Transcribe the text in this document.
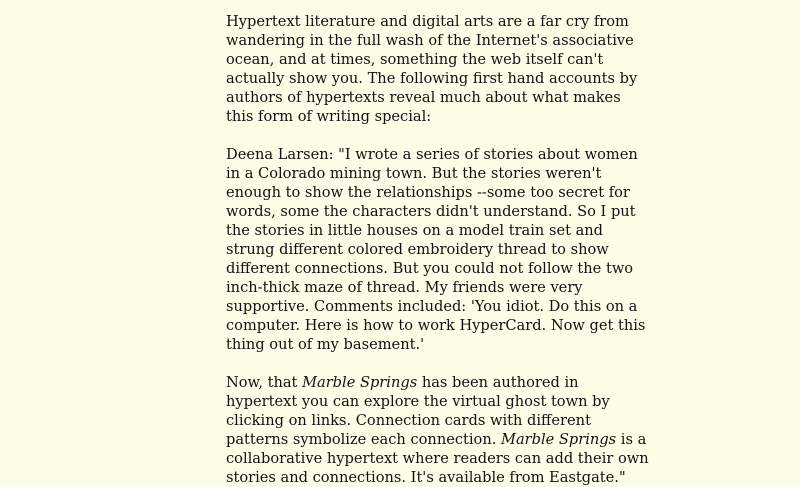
Hypertext literature and digital arts are a far cry from
wandering in the full wash of the Internet's associative
ocean, and at times, something the web itself can't
actually show you. The following first hand accounts by
authors of hypertexts reveal much about what makes
this form of writing special:

Deena Larsen: "I wrote a series of stories about women
in a Colorado mining town. But the stories weren't
enough to show the relationships --some too secret for
words, some the characters didn't understand. So I put
the stories in little houses on a model train set and
strung different colored embroidery thread to show
different connections. But you could not follow the two
inch-thick maze of thread. My friends were very
supportive. Comments included: 'You idiot. Do this on a
computer. Here is how to work HyperCard. Now get this
thing out of my basement.'

Now, that Marble Springs has been authored in
hypertext you can explore the virtual ghost town by
clicking on links. Connection cards with different
patterns symbolize each connection. Marble Springs is a
collaborative hypertext where readers can add their own
stories and connections. It's available from Eastgate."
